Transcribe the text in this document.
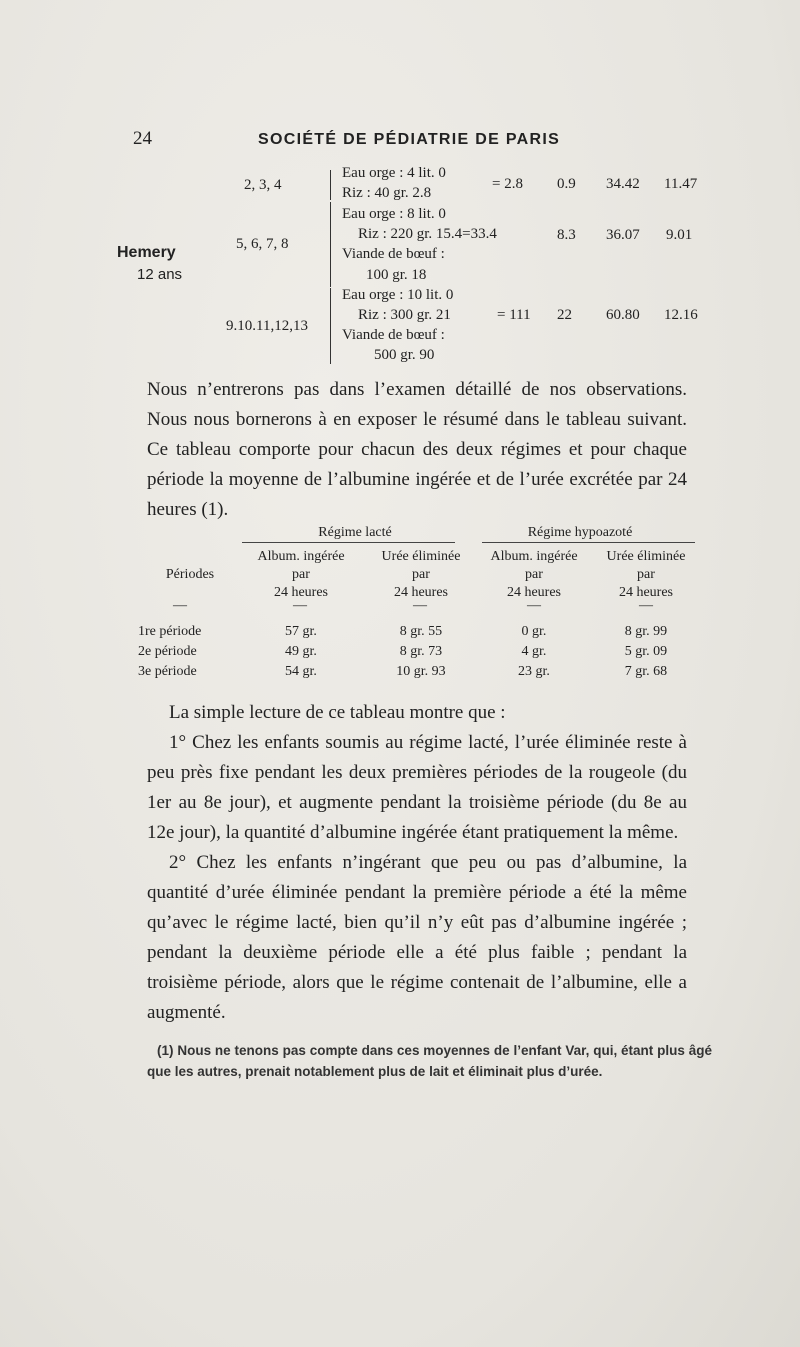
24	SOCIÉTÉ DE PÉDIATRIE DE PARIS
Hemery
12 ans
2, 3, 4
Eau orge : 4 lit. 0
Riz : 40 gr. 2.8
= 2.8 0.9 34.42 11.47
5, 6, 7, 8
Eau orge : 8 lit. 0
Riz : 220 gr. 15.4=33.4
Viande de bœuf :
100 gr. 18
8.3 36.07 9.01
9.10.11,12,13
Eau orge : 10 lit. 0
Riz : 300 gr. 21
Viande de bœuf :
500 gr. 90
= 111 22 60.80 12.16

Nous n’entrerons pas dans l’examen détaillé de nos observations. Nous nous bornerons à en exposer le résumé dans le tableau suivant. Ce tableau comporte pour chacun des deux régimes et pour chaque période la moyenne de l’albumine ingérée et de l’urée excrétée par 24 heures (1).

Régime lacté	Régime hypoazoté
Périodes
Album. ingérée
par
24 heures
Urée éliminée
par
24 heures
Album. ingérée
par
24 heures
Urée éliminée
par
24 heures
—	—	—	—	—
1re période	57 gr.	8 gr. 55	0 gr.	8 gr. 99
2e période	49 gr.	8 gr. 73	4 gr.	5 gr. 09
3e période	54 gr.	10 gr. 93	23 gr.	7 gr. 68

La simple lecture de ce tableau montre que :

1° Chez les enfants soumis au régime lacté, l’urée éliminée reste à peu près fixe pendant les deux premières périodes de la rougeole (du 1er au 8e jour), et augmente pendant la troisième période (du 8e au 12e jour), la quantité d’albumine ingérée étant pratiquement la même.

2° Chez les enfants n’ingérant que peu ou pas d’albumine, la quantité d’urée éliminée pendant la première période a été la même qu’avec le régime lacté, bien qu’il n’y eût pas d’albumine ingérée ; pendant la deuxième période elle a été plus faible ; pendant la troisième période, alors que le régime contenait de l’albumine, elle a augmenté.

(1) Nous ne tenons pas compte dans ces moyennes de l’enfant Var, qui, étant plus âgé que les autres, prenait notablement plus de lait et éliminait plus d’urée.
